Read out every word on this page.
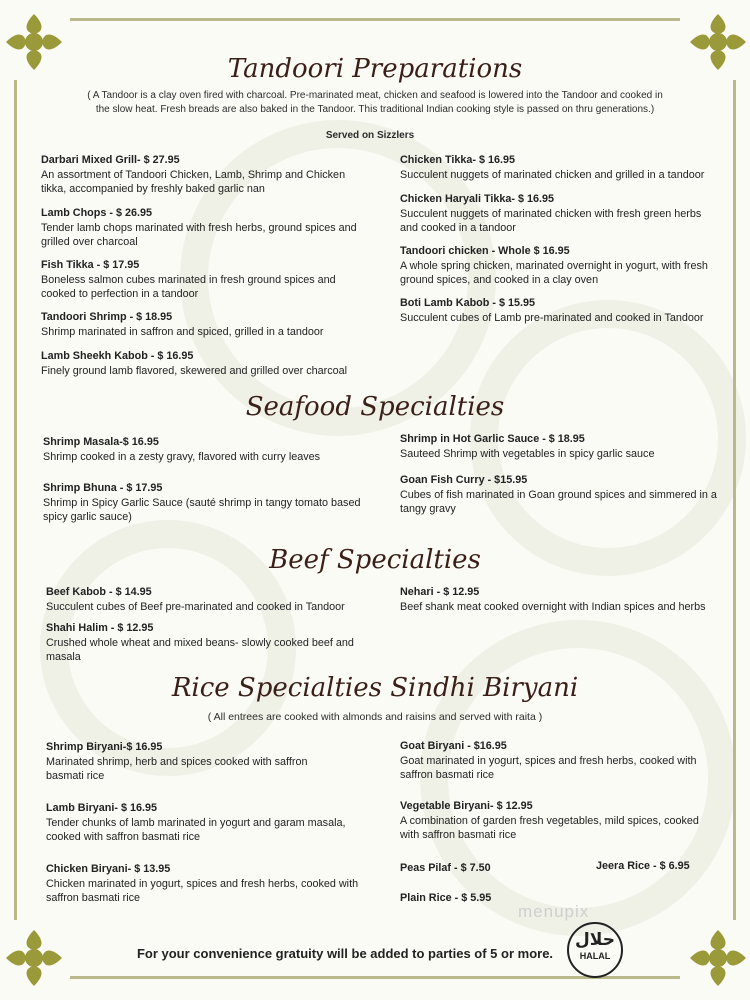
Tandoori Preparations
( A Tandoor is a clay oven fired with charcoal. Pre-marinated meat, chicken and seafood is lowered into the Tandoor and cooked in
the slow heat. Fresh breads are also baked in the Tandoor. This traditional Indian cooking style is passed on thru generations.)
Served on Sizzlers
Darbari Mixed Grill- $ 27.95
An assortment of Tandoori Chicken, Lamb, Shrimp and Chicken tikka, accompanied by freshly baked garlic nan
Lamb Chops - $ 26.95
Tender lamb chops marinated with fresh herbs, ground spices and grilled over charcoal
Fish Tikka - $ 17.95
Boneless salmon cubes marinated in fresh ground spices and cooked to perfection in a tandoor
Tandoori Shrimp - $ 18.95
Shrimp marinated in saffron and spiced, grilled in a tandoor
Lamb Sheekh Kabob - $ 16.95
Finely ground lamb flavored, skewered and grilled over charcoal
Chicken Tikka- $ 16.95
Succulent nuggets of marinated chicken and grilled in a tandoor
Chicken Haryali Tikka- $ 16.95
Succulent nuggets of marinated chicken with fresh green herbs and cooked in a tandoor
Tandoori chicken - Whole $ 16.95
A whole spring chicken, marinated overnight in yogurt, with fresh ground spices, and cooked in a clay oven
Boti Lamb Kabob - $ 15.95
Succulent cubes of Lamb pre-marinated and cooked in Tandoor
Seafood Specialties
Shrimp Masala-$ 16.95
Shrimp cooked in a zesty gravy, flavored with curry leaves
Shrimp Bhuna - $ 17.95
Shrimp in Spicy Garlic Sauce (sauté shrimp in tangy tomato based spicy garlic sauce)
Shrimp in Hot Garlic Sauce - $ 18.95
Sauteed Shrimp with vegetables in spicy garlic sauce
Goan Fish Curry - $15.95
Cubes of fish marinated in Goan ground spices and simmered in a tangy gravy
Beef Specialties
Beef Kabob - $ 14.95
Succulent cubes of Beef pre-marinated and cooked in Tandoor
Shahi Halim - $ 12.95
Crushed whole wheat and mixed beans- slowly cooked beef and masala
Nehari - $ 12.95
Beef shank meat cooked overnight with Indian spices and herbs
Rice Specialties Sindhi Biryani
( All entrees are cooked with almonds and raisins and served with raita )
Shrimp Biryani-$ 16.95
Marinated shrimp, herb and spices cooked with saffron basmati rice
Lamb Biryani- $ 16.95
Tender chunks of lamb marinated in yogurt and garam masala, cooked with saffron basmati rice
Chicken Biryani- $ 13.95
Chicken marinated in yogurt, spices and fresh herbs, cooked with saffron basmati rice
Goat Biryani - $16.95
Goat marinated in yogurt, spices and fresh herbs, cooked with saffron basmati rice
Vegetable Biryani- $ 12.95
A combination of garden fresh vegetables, mild spices, cooked with saffron basmati rice
Peas Pilaf - $ 7.50	Jeera Rice - $ 6.95
Plain Rice - $ 5.95
menupix
For your convenience gratuity will be added to parties of 5 or more.
حلال
HALAL
